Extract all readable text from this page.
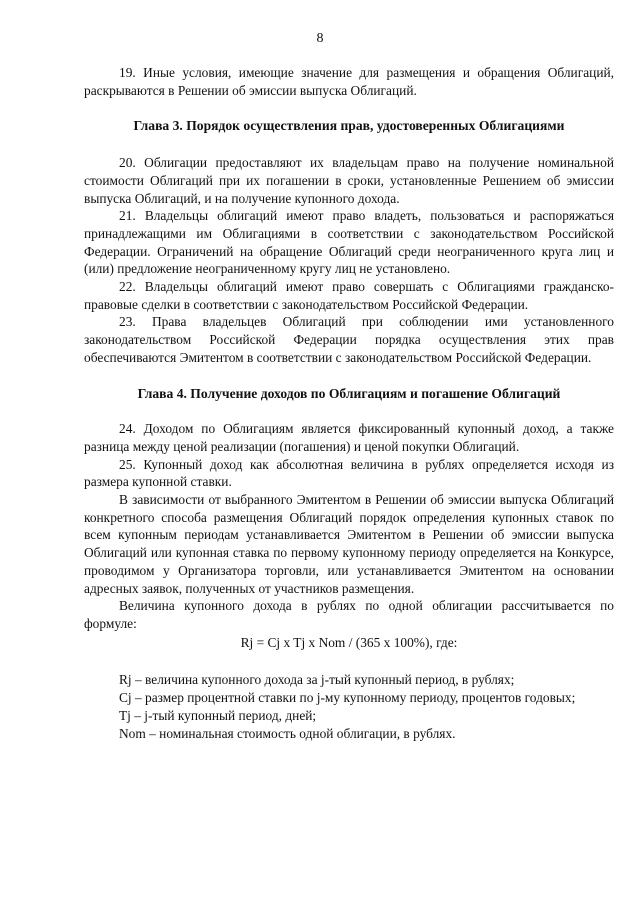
8

19. Иные условия, имеющие значение для размещения и обращения Облигаций, раскрываются в Решении об эмиссии выпуска Облигаций.

Глава 3. Порядок осуществления прав, удостоверенных Облигациями

20. Облигации предоставляют их владельцам право на получение номинальной стоимости Облигаций при их погашении в сроки, установленные Решением об эмиссии выпуска Облигаций, и на получение купонного дохода.

21. Владельцы облигаций имеют право владеть, пользоваться и распоряжаться принадлежащими им Облигациями в соответствии с законодательством Российской Федерации. Ограничений на обращение Облигаций среди неограниченного круга лиц и (или) предложение неограниченному кругу лиц не установлено.

22. Владельцы облигаций имеют право совершать с Облигациями гражданско-правовые сделки в соответствии с законодательством Российской Федерации.

23. Права владельцев Облигаций при соблюдении ими установленного законодательством Российской Федерации порядка осуществления этих прав обеспечиваются Эмитентом в соответствии с законодательством Российской Федерации.

Глава 4. Получение доходов по Облигациям и погашение Облигаций

24. Доходом по Облигациям является фиксированный купонный доход, а также разница между ценой реализации (погашения) и ценой покупки Облигаций.

25. Купонный доход как абсолютная величина в рублях определяется исходя из размера купонной ставки.

В зависимости от выбранного Эмитентом в Решении об эмиссии выпуска Облигаций конкретного способа размещения Облигаций порядок определения купонных ставок по всем купонным периодам устанавливается Эмитентом в Решении об эмиссии выпуска Облигаций или купонная ставка по первому купонному периоду определяется на Конкурсе, проводимом у Организатора торговли, или устанавливается Эмитентом на основании адресных заявок, полученных от участников размещения.

Величина купонного дохода в рублях по одной облигации рассчитывается по формуле:

Rj = Cj x Tj x Nom / (365 x 100%), где:

Rj – величина купонного дохода за j-тый купонный период, в рублях;

Cj – размер процентной ставки по j-му купонному периоду, процентов годовых;

Tj – j-тый купонный период, дней;

Nom – номинальная стоимость одной облигации, в рублях.
